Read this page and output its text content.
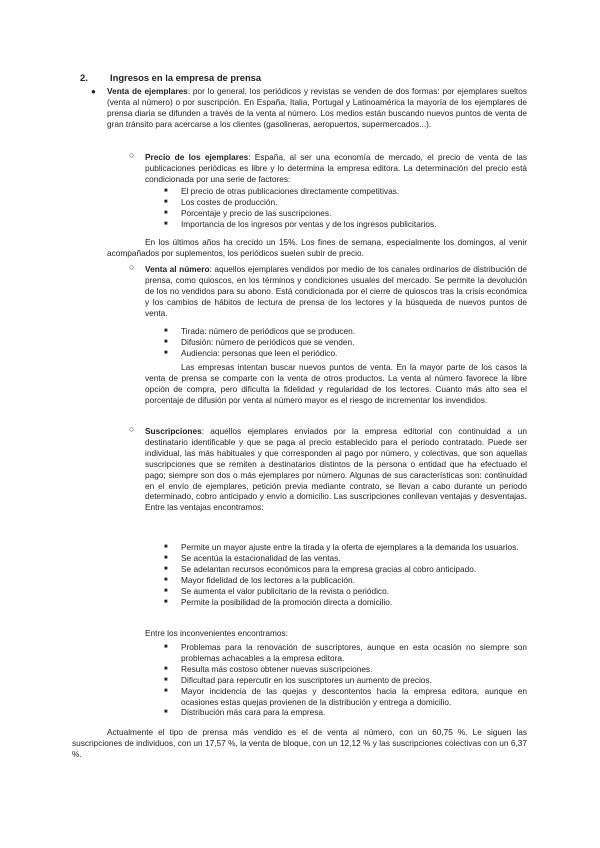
2. Ingresos en la empresa de prensa
● Venta de ejemplares: por lo general, los periódicos y revistas se venden de dos formas: por ejemplares sueltos (venta al número) o por suscripción. En España, Italia, Portugal y Latinoamérica la mayoría de los ejemplares de prensa diaria se difunden a través de la venta al número. Los medios están buscando nuevos puntos de venta de gran tránsito para acercarse a los clientes (gasolineras, aeropuertos, supermercados...).

○ Precio de los ejemplares: España, al ser una economía de mercado, el precio de venta de las publicaciones periódicas es libre y lo determina la empresa editora. La determinación del precio está condicionada por una serie de factores:

■ El precio de otras publicaciones directamente competitivas.
■ Los costes de producción.
■ Porcentaje y precio de las suscripciones.
■ Importancia de los ingresos por ventas y de los ingresos publicitarios.

En los últimos años ha crecido un 15%. Los fines de semana, especialmente los domingos, al venir acompañados por suplementos, los periódicos suelen subir de precio.

○ Venta al número: aquellos ejemplares vendidos por medio de los canales ordinarios de distribución de prensa, como quioscos, en los términos y condiciones usuales del mercado. Se permite la devolución de los no vendidos para su abono. Está condicionada por el cierre de quioscos tras la crisis económica y los cambios de hábitos de lectura de prensa de los lectores y la búsqueda de nuevos puntos de venta.

■ Tirada: número de periódicos que se producen.
■ Difusión: número de periódicos que se venden.
■ Audiencia: personas que leen el periódico.

Las empresas intentan buscar nuevos puntos de venta. En la mayor parte de los casos la venta de prensa se comparte con la venta de otros productos. La venta al número favorece la libre opción de compra, pero dificulta la fidelidad y regularidad de los lectores. Cuanto más alto sea el porcentaje de difusión por venta al número mayor es el riesgo de incrementar los invendidos.

○ Suscripciones: aquellos ejemplares enviados por la empresa editorial con continuidad a un destinatario identificable y que se paga al precio establecido para el periodo contratado. Puede ser individual, las más habituales y que corresponden al pago por número, y colectivas, que son aquellas suscripciones que se remiten a destinatarios distintos de la persona o entidad que ha efectuado el pago; siempre son dos o más ejemplares por número. Algunas de sus características son: continuidad en el envío de ejemplares, petición previa mediante contrato, se llevan a cabo durante un periodo determinado, cobro anticipado y envío a domicilio. Las suscripciones conllevan ventajas y desventajas. Entre las ventajas encontramos:

■ Permite un mayor ajuste entre la tirada y la oferta de ejemplares a la demanda los usuarios.
■ Se acentúa la estacionalidad de las ventas.
■ Se adelantan recursos económicos para la empresa gracias al cobro anticipado.
■ Mayor fidelidad de los lectores a la publicación.
■ Se aumenta el valor publicitario de la revista o periódico.
■ Permite la posibilidad de la promoción directa a domicilio.

Entre los inconvenientes encontramos:

■ Problemas para la renovación de suscriptores, aunque en esta ocasión no siempre son problemas achacables a la empresa editora.
■ Resulta más costoso obtener nuevas suscripciones.
■ Dificultad para repercutir en los suscriptores un aumento de precios.
■ Mayor incidencia de las quejas y descontentos hacia la empresa editora, aunque en ocasiones estas quejas provienen de la distribución y entrega a domicilio.
■ Distribución más cara para la empresa.

Actualmente el tipo de prensa más vendido es el de venta al número, con un 60,75 %. Le siguen las suscripciones de individuos, con un 17,57 %, la venta de bloque, con un 12,12 % y las suscripciones colectivas con un 6,37 %.
